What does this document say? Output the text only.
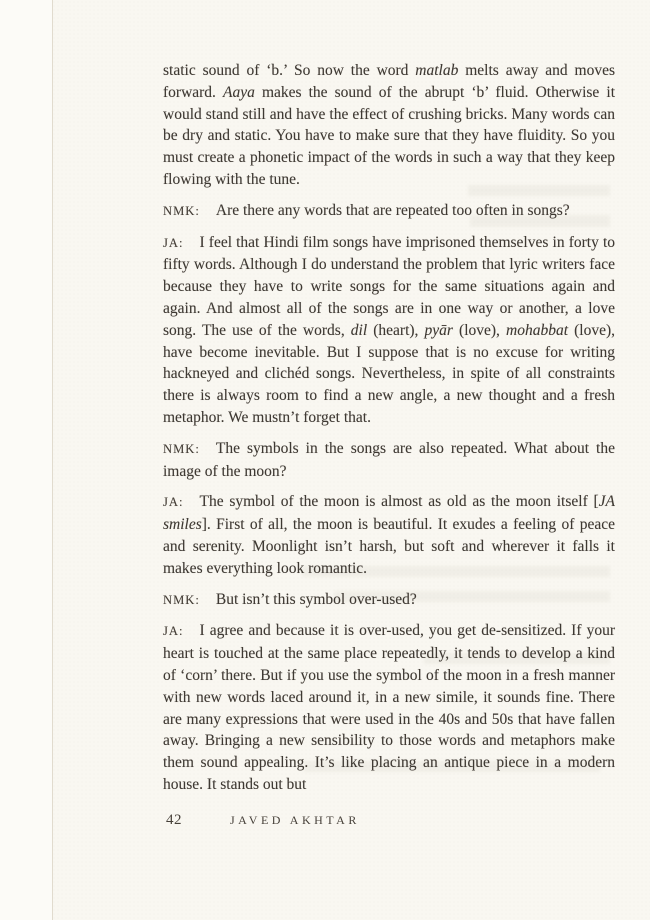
static sound of ‘b.’ So now the word matlab melts away and moves forward. Aaya makes the sound of the abrupt ‘b’ fluid. Otherwise it would stand still and have the effect of crushing bricks. Many words can be dry and static. You have to make sure that they have fluidity. So you must create a phonetic impact of the words in such a way that they keep flowing with the tune.

NMK: Are there any words that are repeated too often in songs?

JA: I feel that Hindi film songs have imprisoned themselves in forty to fifty words. Although I do understand the problem that lyric writers face because they have to write songs for the same situations again and again. And almost all of the songs are in one way or another, a love song. The use of the words, dil (heart), pyār (love), mohabbat (love), have become inevitable. But I suppose that is no excuse for writing hackneyed and clichéd songs. Nevertheless, in spite of all constraints there is always room to find a new angle, a new thought and a fresh metaphor. We mustn’t forget that.

NMK: The symbols in the songs are also repeated. What about the image of the moon?

JA: The symbol of the moon is almost as old as the moon itself [JA smiles]. First of all, the moon is beautiful. It exudes a feeling of peace and serenity. Moonlight isn’t harsh, but soft and wherever it falls it makes everything look romantic.

NMK: But isn’t this symbol over-used?

JA: I agree and because it is over-used, you get de-sensitized. If your heart is touched at the same place repeatedly, it tends to develop a kind of ‘corn’ there. But if you use the symbol of the moon in a fresh manner with new words laced around it, in a new simile, it sounds fine. There are many expressions that were used in the 40s and 50s that have fallen away. Bringing a new sensibility to those words and metaphors make them sound appealing. It’s like placing an antique piece in a modern house. It stands out but

42	JAVED AKHTAR
